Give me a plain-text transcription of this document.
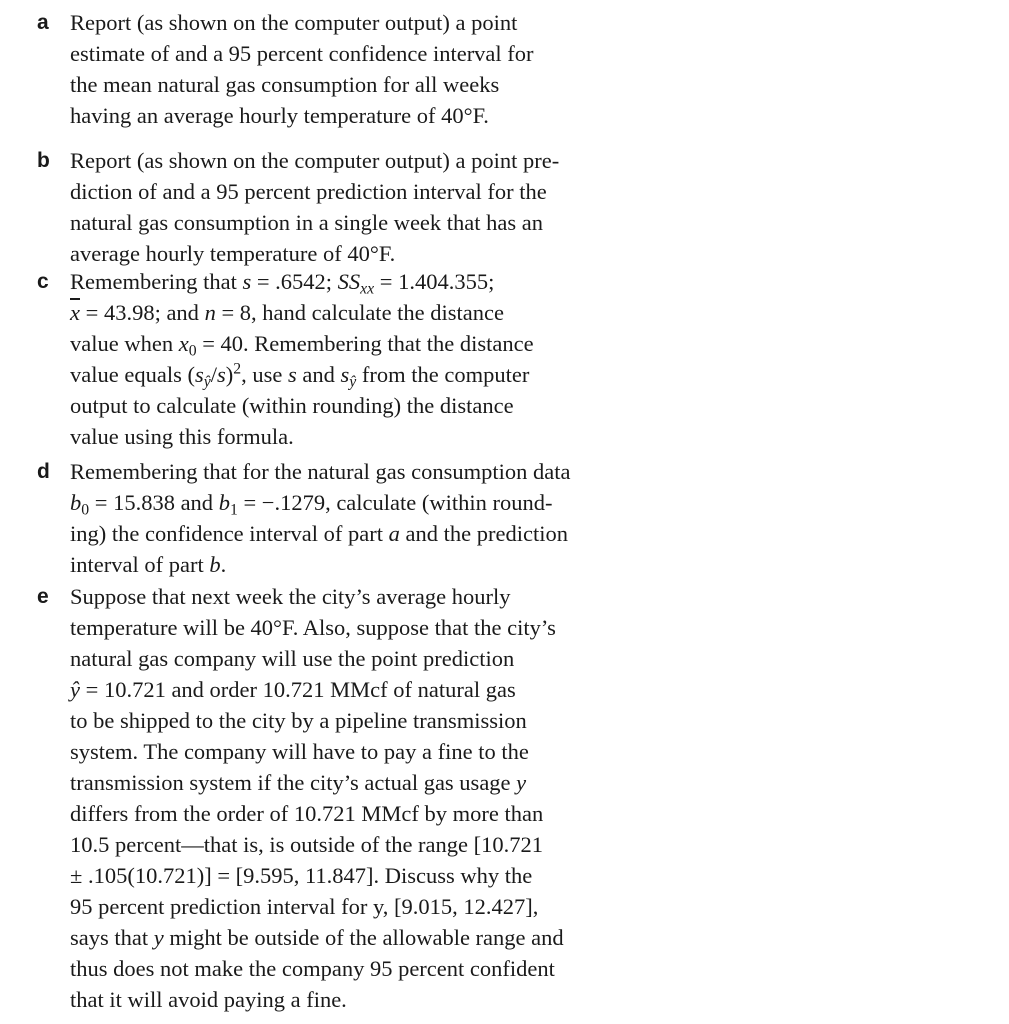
a Report (as shown on the computer output) a point
estimate of and a 95 percent confidence interval for
the mean natural gas consumption for all weeks
having an average hourly temperature of 40°F.
b Report (as shown on the computer output) a point pre-
diction of and a 95 percent prediction interval for the
natural gas consumption in a single week that has an
average hourly temperature of 40°F.
c Remembering that s = .6542; $SS_{xx} = 1.404.355$;
$\overline{x} = 43.98$; and n = 8, hand calculate the distance
value when $x_0 = 40$. Remembering that the distance
value equals $(s_ŷ/s)^2$, use s and $s_ŷ$ from the computer
output to calculate (within rounding) the distance
value using this formula.
d Remembering that for the natural gas consumption data
$b_0 = 15.838$ and $b_1 = -.1279$, calculate (within round-
ing) the confidence interval of part a and the prediction
interval of part b.
e Suppose that next week the city’s average hourly
temperature will be 40°F. Also, suppose that the city’s
natural gas company will use the point prediction
ŷ = 10.721 and order 10.721 MMcf of natural gas
to be shipped to the city by a pipeline transmission
system. The company will have to pay a fine to the
transmission system if the city’s actual gas usage y
differs from the order of 10.721 MMcf by more than
10.5 percent—that is, is outside of the range [10.721
± .105(10.721)] = [9.595, 11.847]. Discuss why the
95 percent prediction interval for y, [9.015, 12.427],
says that y might be outside of the allowable range and
thus does not make the company 95 percent confident
that it will avoid paying a fine.
